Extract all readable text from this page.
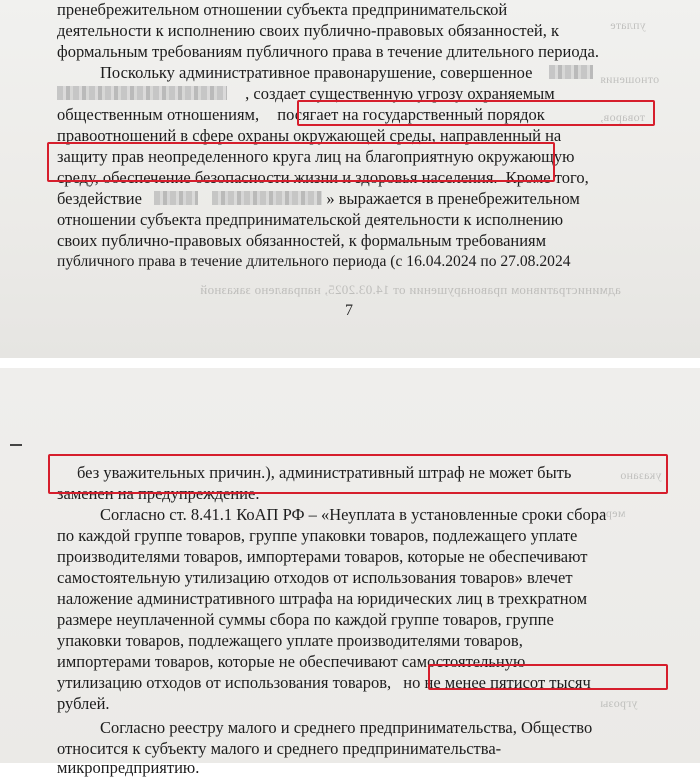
уплате
отношения
товаров,
административном правонарушении от 14.03.2025, направлено заказной
пренебрежительном отношении субъекта предпринимательской
деятельности к исполнению своих публично-правовых обязанностей, к
формальным требованиям публичного права в течение длительного периода.
Поскольку административное правонарушение, совершенное
, создает существенную угрозу охраняемым
общественным отношениям, посягает на государственный порядок
правоотношений в сфере охраны окружающей среды, направленный на
защиту прав неопределенного круга лиц на благоприятную окружающую
среду, обеспечение безопасности жизни и здоровья населения. Кроме того,
бездействие	» выражается в пренебрежительном
отношении субъекта предпринимательской деятельности к исполнению
своих публично-правовых обязанностей, к формальным требованиям
публичного права в течение длительного периода (с 16.04.2024 по 27.08.2024
7
указано
мерa
угрозы
без уважительных причин.), административный штраф не может быть
заменен на предупреждение.
Согласно ст. 8.41.1 КоАП РФ – «Неуплата в установленные сроки сбора
по каждой группе товаров, группе упаковки товаров, подлежащего уплате
производителями товаров, импортерами товаров, которые не обеспечивают
самостоятельную утилизацию отходов от использования товаров» влечет
наложение административного штрафа на юридических лиц в трехкратном
размере неуплаченной суммы сбора по каждой группе товаров, группе
упаковки товаров, подлежащего уплате производителями товаров,
импортерами товаров, которые не обеспечивают самостоятельную
утилизацию отходов от использования товаров, но не менее пятисот тысяч
рублей.
Согласно реестру малого и среднего предпринимательства, Общество
относится к субъекту малого и среднего предпринимательства-
микропредприятию.
